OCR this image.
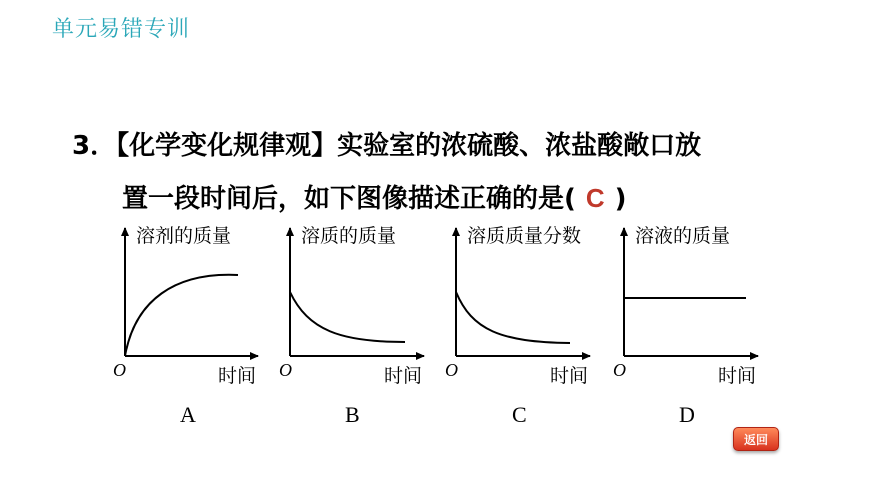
单元易错专训
3．【化学变化规律观】实验室的浓硫酸、浓盐酸敞口放
置一段时间后，如下图像描述正确的是( C )
溶剂的质量
时间
O
A
溶质的质量
时间
O
B
溶质质量分数
时间
O
C
溶液的质量
时间
O
D
返回
